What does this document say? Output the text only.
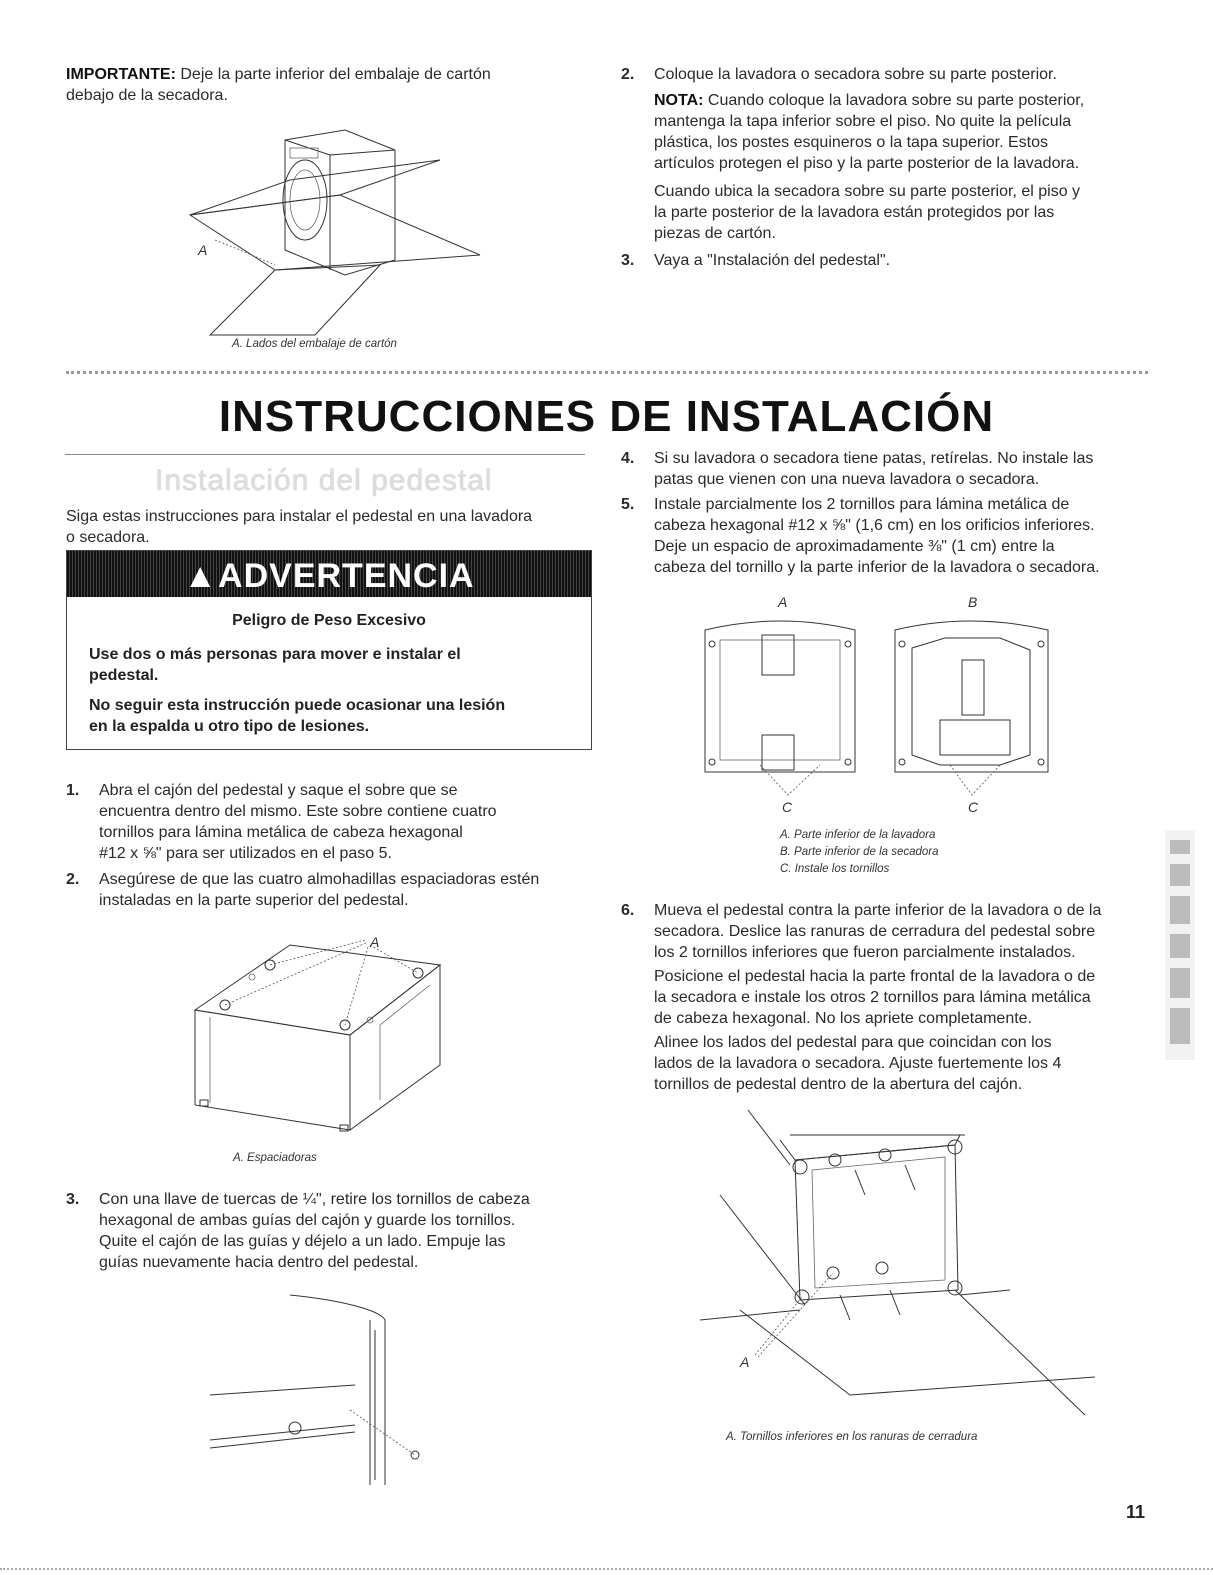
IMPORTANTE: Deje la parte inferior del embalaje de cartón
debajo de la secadora.
A
A. Lados del embalaje de cartón
2. Coloque la lavadora o secadora sobre su parte posterior.
NOTA: Cuando coloque la lavadora sobre su parte posterior,
mantenga la tapa inferior sobre el piso. No quite la película
plástica, los postes esquineros o la tapa superior. Estos
artículos protegen el piso y la parte posterior de la lavadora.
Cuando ubica la secadora sobre su parte posterior, el piso y
la parte posterior de la lavadora están protegidos por las
piezas de cartón.
3. Vaya a "Instalación del pedestal".
INSTRUCCIONES DE INSTALACIÓN
Instalación del pedestal
Siga estas instrucciones para instalar el pedestal en una lavadora
o secadora.
▲ADVERTENCIA
Peligro de Peso Excesivo
Use dos o más personas para mover e instalar el
pedestal.
No seguir esta instrucción puede ocasionar una lesión
en la espalda u otro tipo de lesiones.
1. Abra el cajón del pedestal y saque el sobre que se
encuentra dentro del mismo. Este sobre contiene cuatro
tornillos para lámina metálica de cabeza hexagonal
#12 x ⅝" para ser utilizados en el paso 5.
2. Asegúrese de que las cuatro almohadillas espaciadoras estén
instaladas en la parte superior del pedestal.
A
A. Espaciadoras
3. Con una llave de tuercas de ¼", retire los tornillos de cabeza
hexagonal de ambas guías del cajón y guarde los tornillos.
Quite el cajón de las guías y déjelo a un lado. Empuje las
guías nuevamente hacia dentro del pedestal.
4. Si su lavadora o secadora tiene patas, retírelas. No instale las
patas que vienen con una nueva lavadora o secadora.
5. Instale parcialmente los 2 tornillos para lámina metálica de
cabeza hexagonal #12 x ⅝" (1,6 cm) en los orificios inferiores.
Deje un espacio de aproximadamente ⅜" (1 cm) entre la
cabeza del tornillo y la parte inferior de la lavadora o secadora.
A	B
C	C
A. Parte inferior de la lavadora
B. Parte inferior de la secadora
C. Instale los tornillos
6. Mueva el pedestal contra la parte inferior de la lavadora o de la
secadora. Deslice las ranuras de cerradura del pedestal sobre
los 2 tornillos inferiores que fueron parcialmente instalados.
Posicione el pedestal hacia la parte frontal de la lavadora o de
la secadora e instale los otros 2 tornillos para lámina metálica
de cabeza hexagonal. No los apriete completamente.
Alinee los lados del pedestal para que coincidan con los
lados de la lavadora o secadora. Ajuste fuertemente los 4
tornillos de pedestal dentro de la abertura del cajón.
A
A. Tornillos inferiores en los ranuras de cerradura
11
